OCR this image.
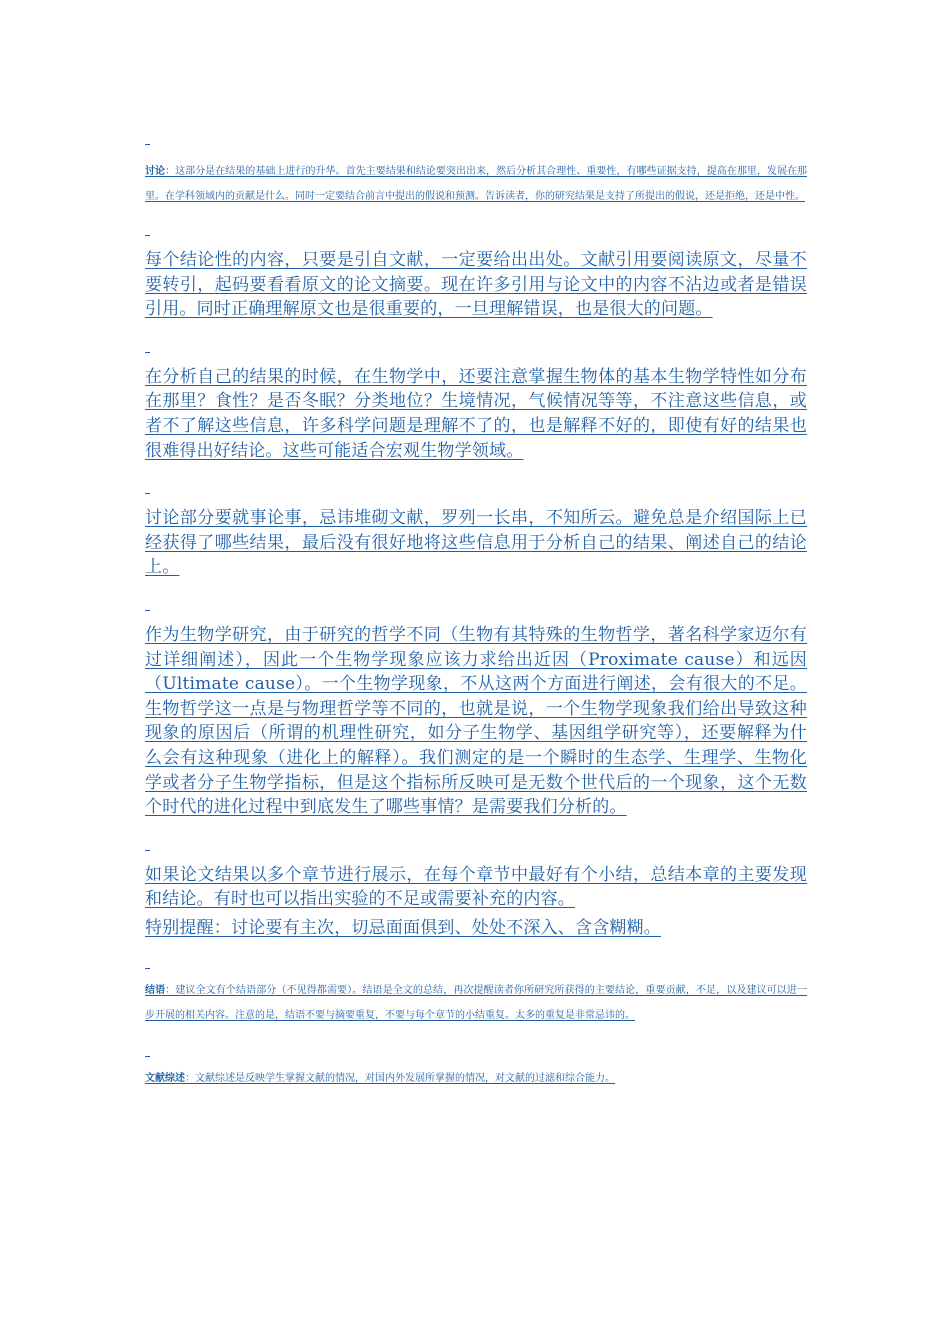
讨论：这部分是在结果的基础上进行的升华。首先主要结果和结论要突出出来，然后分析其合理性、重要性，有哪些证据支持，提高在那里，发展在那里。在学科领域内的贡献是什么。同时一定要结合前言中提出的假说和预测。告诉读者，你的研究结果是支持了所提出的假说，还是拒绝，还是中性。
每个结论性的内容，只要是引自文献，一定要给出出处。文献引用要阅读原文，尽量不要转引，起码要看看原文的论文摘要。现在许多引用与论文中的内容不沾边或者是错误引用。同时正确理解原文也是很重要的，一旦理解错误，也是很大的问题。
在分析自己的结果的时候，在生物学中，还要注意掌握生物体的基本生物学特性如分布在那里？食性？是否冬眠？分类地位？生境情况，气候情况等等，不注意这些信息，或者不了解这些信息，许多科学问题是理解不了的，也是解释不好的，即使有好的结果也很难得出好结论。这些可能适合宏观生物学领域。
讨论部分要就事论事，忌讳堆砌文献，罗列一长串，不知所云。避免总是介绍国际上已经获得了哪些结果，最后没有很好地将这些信息用于分析自己的结果、阐述自己的结论上。
作为生物学研究，由于研究的哲学不同（生物有其特殊的生物哲学，著名科学家迈尔有过详细阐述），因此一个生物学现象应该力求给出近因（Proximate cause）和远因（Ultimate cause）。一个生物学现象，不从这两个方面进行阐述，会有很大的不足。生物哲学这一点是与物理哲学等不同的，也就是说，一个生物学现象我们给出导致这种现象的原因后（所谓的机理性研究，如分子生物学、基因组学研究等），还要解释为什么会有这种现象（进化上的解释）。我们测定的是一个瞬时的生态学、生理学、生物化学或者分子生物学指标，但是这个指标所反映可是无数个世代后的一个现象，这个无数个时代的进化过程中到底发生了哪些事情？是需要我们分析的。
如果论文结果以多个章节进行展示，在每个章节中最好有个小结，总结本章的主要发现和结论。有时也可以指出实验的不足或需要补充的内容。
特别提醒：讨论要有主次，切忌面面俱到、处处不深入、含含糊糊。
结语：建议全文有个结语部分（不见得都需要）。结语是全文的总结，再次提醒读者你所研究所获得的主要结论，重要贡献，不足，以及建议可以进一步开展的相关内容。注意的是，结语不要与摘要重复，不要与每个章节的小结重复。太多的重复是非常忌讳的。
文献综述：文献综述是反映学生掌握文献的情况，对国内外发展所掌握的情况，对文献的过滤和综合能力。
